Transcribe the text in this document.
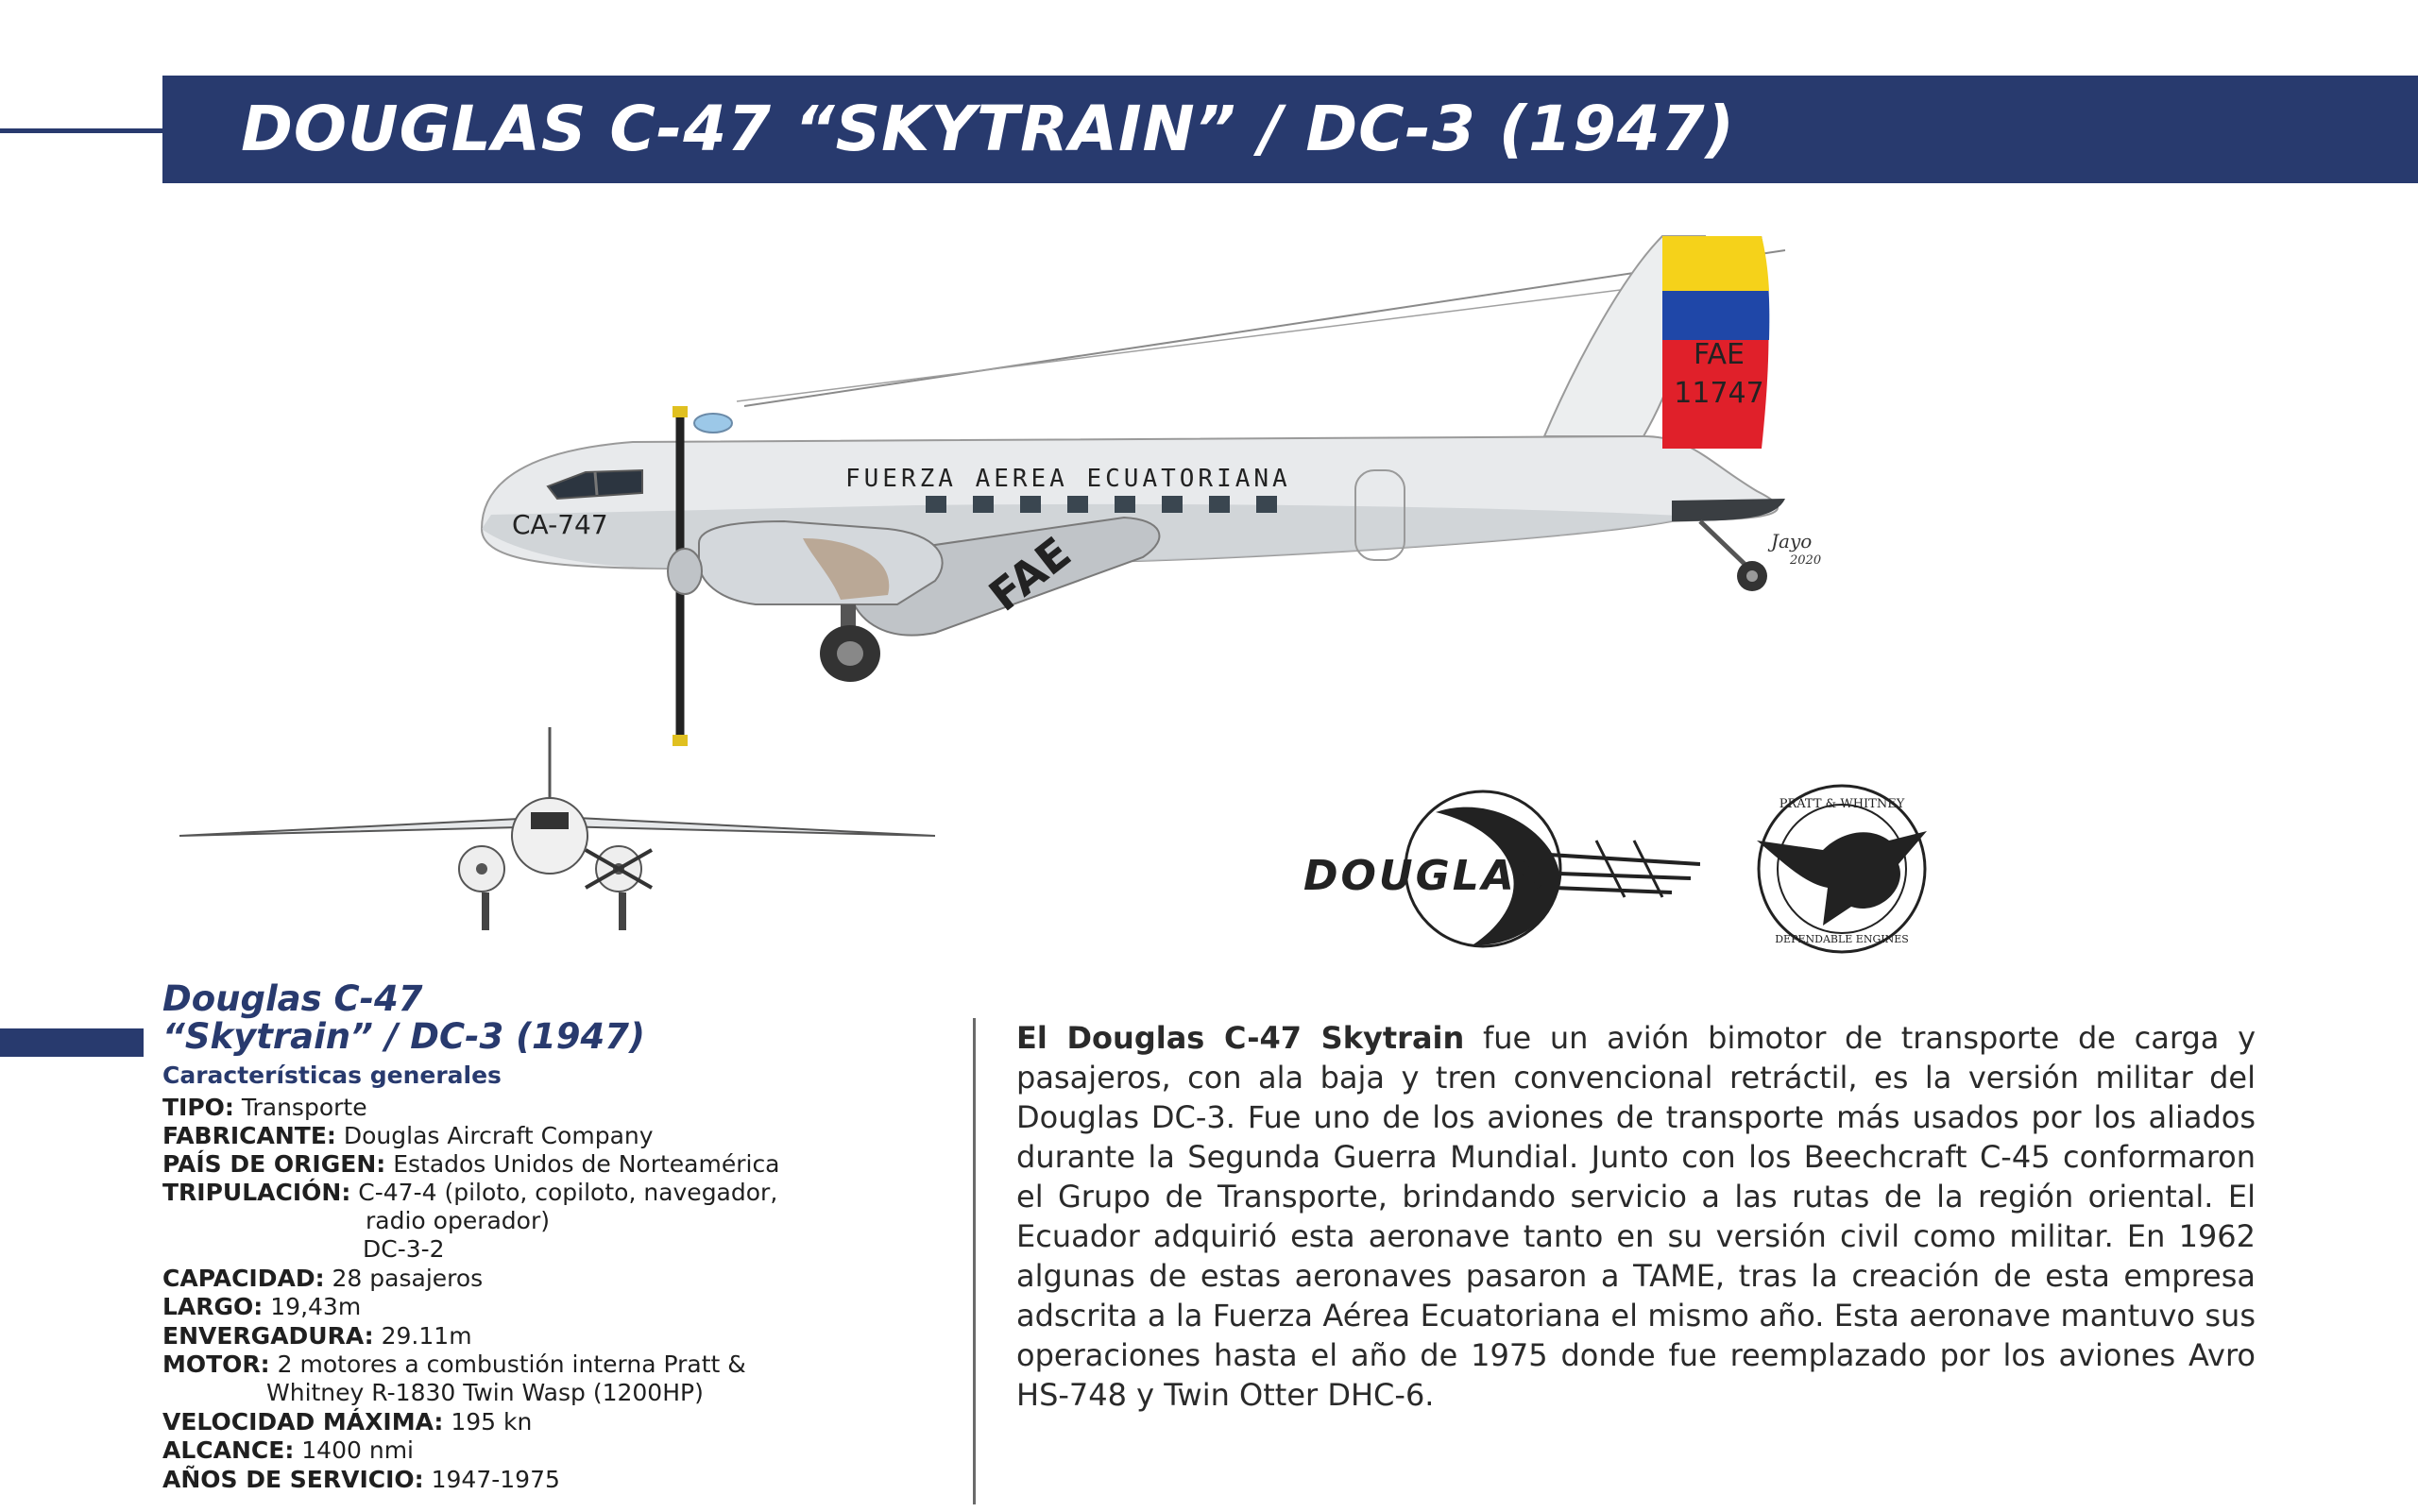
DOUGLAS C-47 “SKYTRAIN” / DC-3 (1947)
FAE
11747
FUERZA AEREA ECUATORIANA
CA-747
FAE	Jayo
2020
DOUGLAS
PRATT & WHITNEY
DEPENDABLE ENGINES
Douglas C-47
“Skytrain” / DC-3 (1947)
Características generales
TIPO: Transporte
FABRICANTE: Douglas Aircraft Company
PAÍS DE ORIGEN: Estados Unidos de Norteamérica
TRIPULACIÓN: C-47-4 (piloto, copiloto, navegador,
radio operador)
DC-3-2
CAPACIDAD: 28 pasajeros
LARGO: 19,43m
ENVERGADURA: 29.11m
MOTOR: 2 motores a combustión interna Pratt &
Whitney R-1830 Twin Wasp (1200HP)
VELOCIDAD MÁXIMA: 195 kn
ALCANCE: 1400 nmi
AÑOS DE SERVICIO: 1947-1975
El Douglas C-47 Skytrain fue un avión bimotor de transporte de carga y pasajeros, con ala baja y tren convencional retráctil, es la versión militar del Douglas DC-3. Fue uno de los aviones de transporte más usados por los aliados durante la Segunda Guerra Mundial. Junto con los Beechcraft C-45 conformaron el Grupo de Transporte, brindando servicio a las rutas de la región oriental. El Ecuador adquirió esta aeronave tanto en su versión civil como militar. En 1962 algunas de estas aeronaves pasaron a TAME, tras la creación de esta empresa adscrita a la Fuerza Aérea Ecuatoriana el mismo año. Esta aeronave mantuvo sus operaciones hasta el año de 1975 donde fue reemplazado por los aviones Avro HS-748 y Twin Otter DHC-6.
